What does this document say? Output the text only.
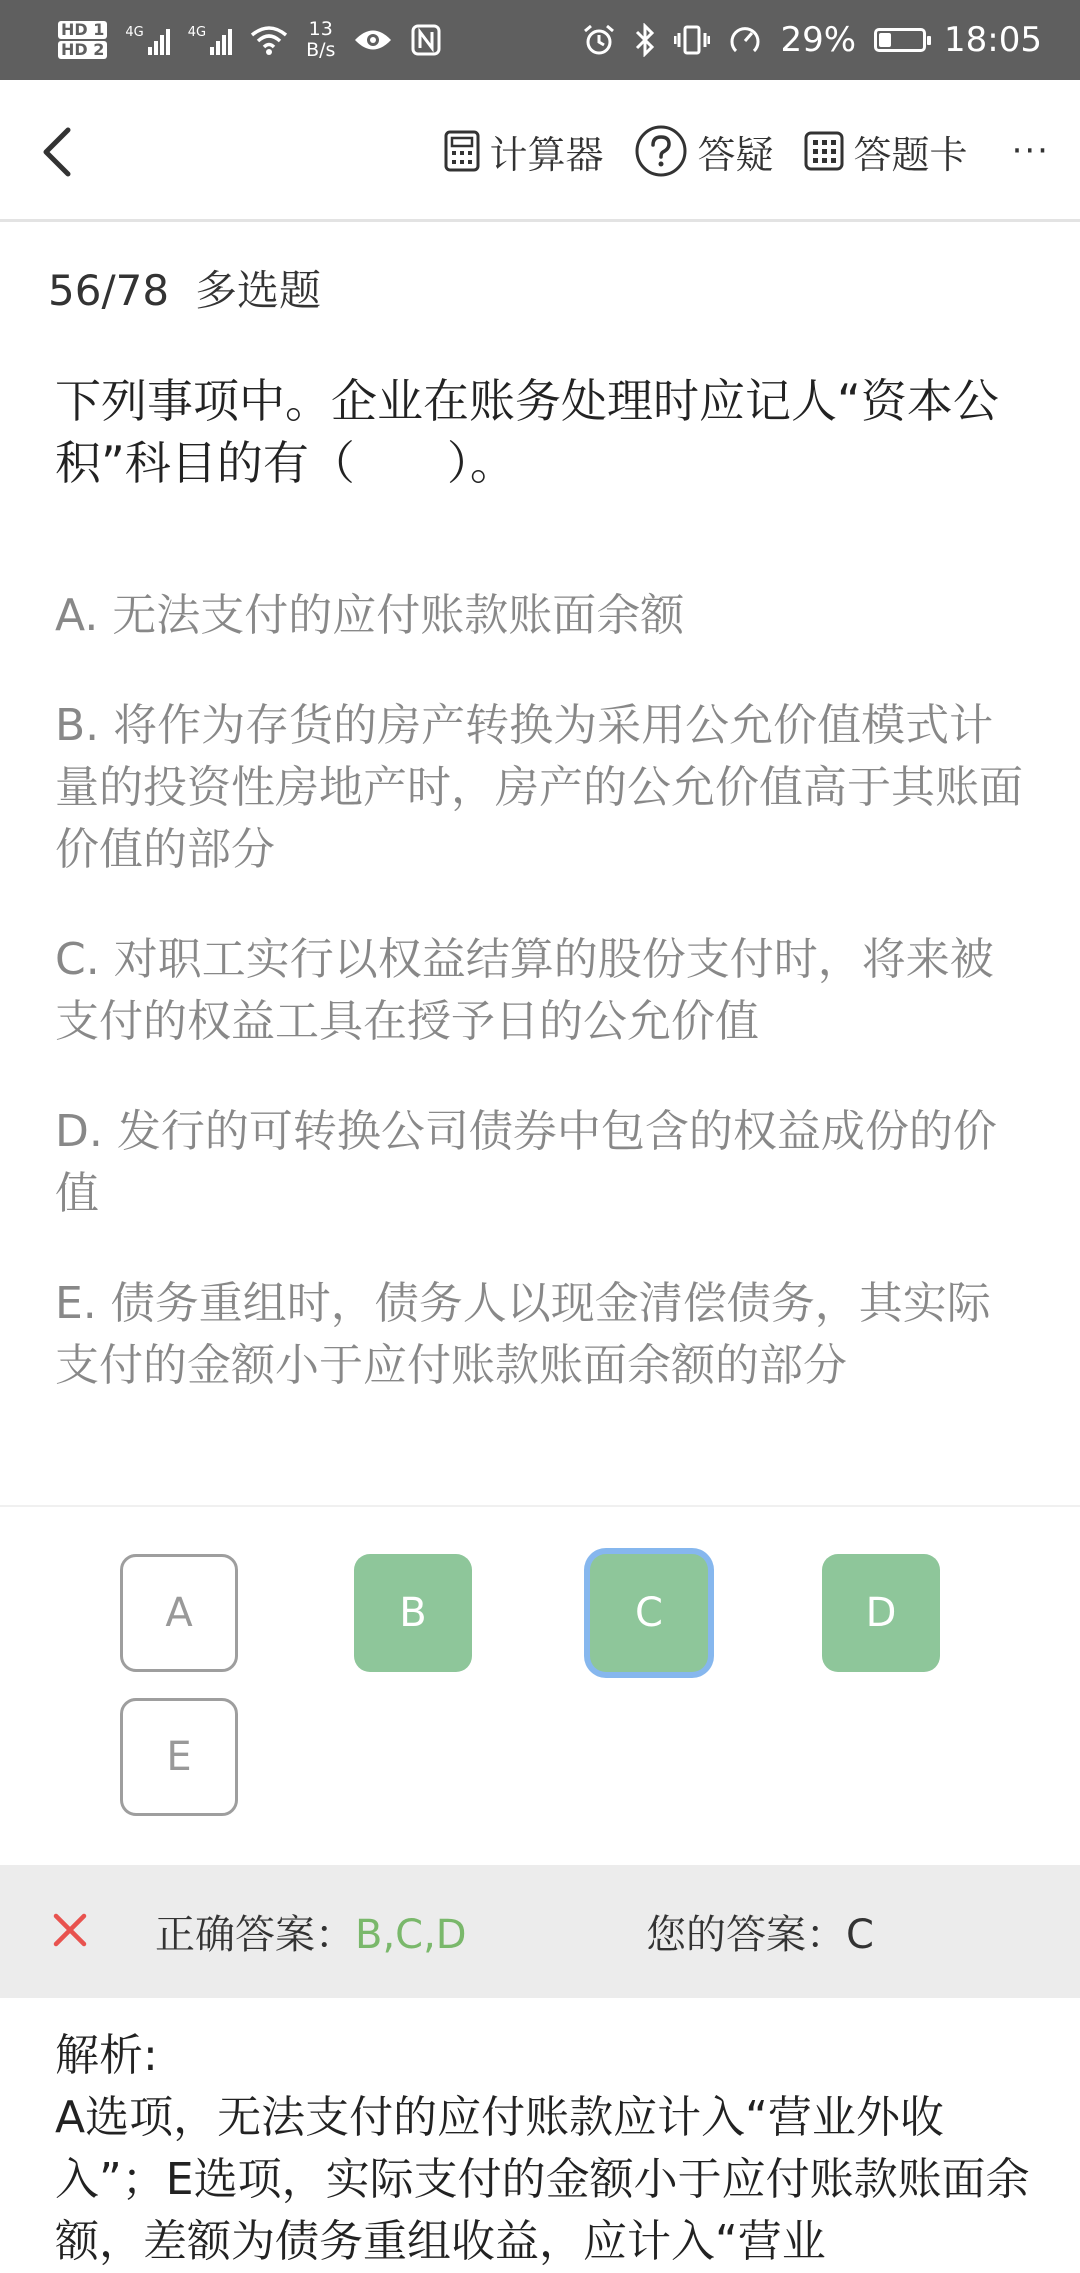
HD 1
HD 2
4G	4G	13
B/s	29%	18:05
计算器 答疑 答题卡 ···
56/78 多选题
下列事项中。企业在账务处理时应记人“资本公积”科目的有（　　）。
A. 无法支付的应付账款账面余额
B. 将作为存货的房产转换为采用公允价值模式计量的投资性房地产时，房产的公允价值高于其账面价值的部分
C. 对职工实行以权益结算的股份支付时，将来被支付的权益工具在授予日的公允价值
D. 发行的可转换公司债券中包含的权益成份的价值
E. 债务重组时，债务人以现金清偿债务，其实际支付的金额小于应付账款账面余额的部分
A	B	C	D
E
正确答案：B,C,D	您的答案：C
解析:
A选项，无法支付的应付账款应计入“营业外收入”；E选项，实际支付的金额小于应付账款账面余额，差额为债务重组收益，应计入“营业
